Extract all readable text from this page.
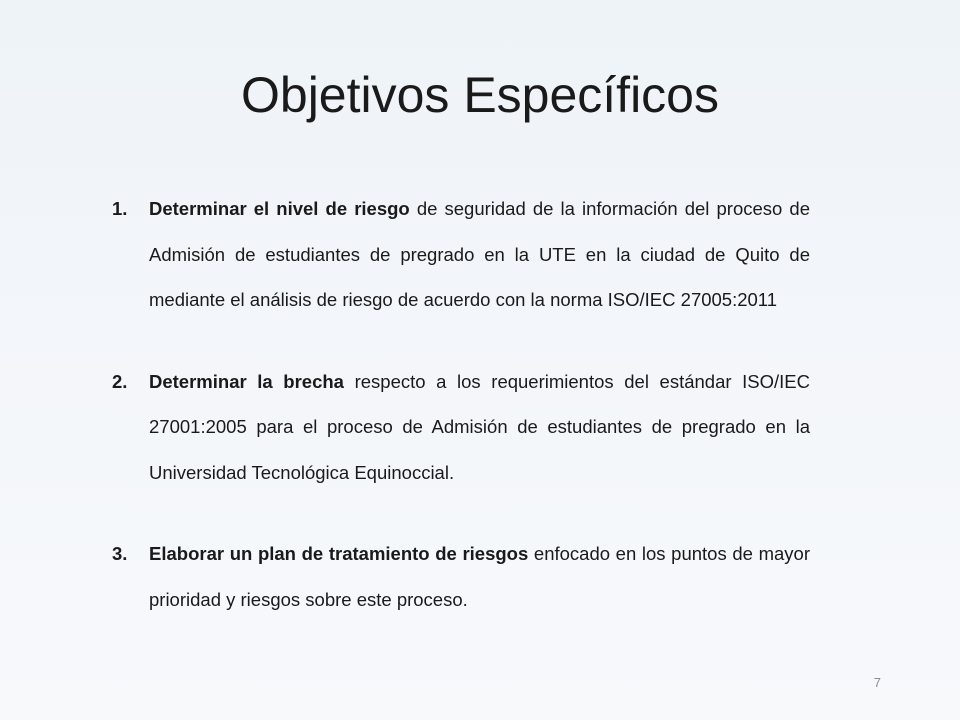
Objetivos Específicos
1. Determinar el nivel de riesgo de seguridad de la información del proceso de Admisión de estudiantes de pregrado en la UTE en la ciudad de Quito de mediante el análisis de riesgo de acuerdo con la norma ISO/IEC 27005:2011
2. Determinar la brecha respecto a los requerimientos del estándar ISO/IEC 27001:2005 para el proceso de Admisión de estudiantes de pregrado en la Universidad Tecnológica Equinoccial.
3. Elaborar un plan de tratamiento de riesgos enfocado en los puntos de mayor prioridad y riesgos sobre este proceso.
7
